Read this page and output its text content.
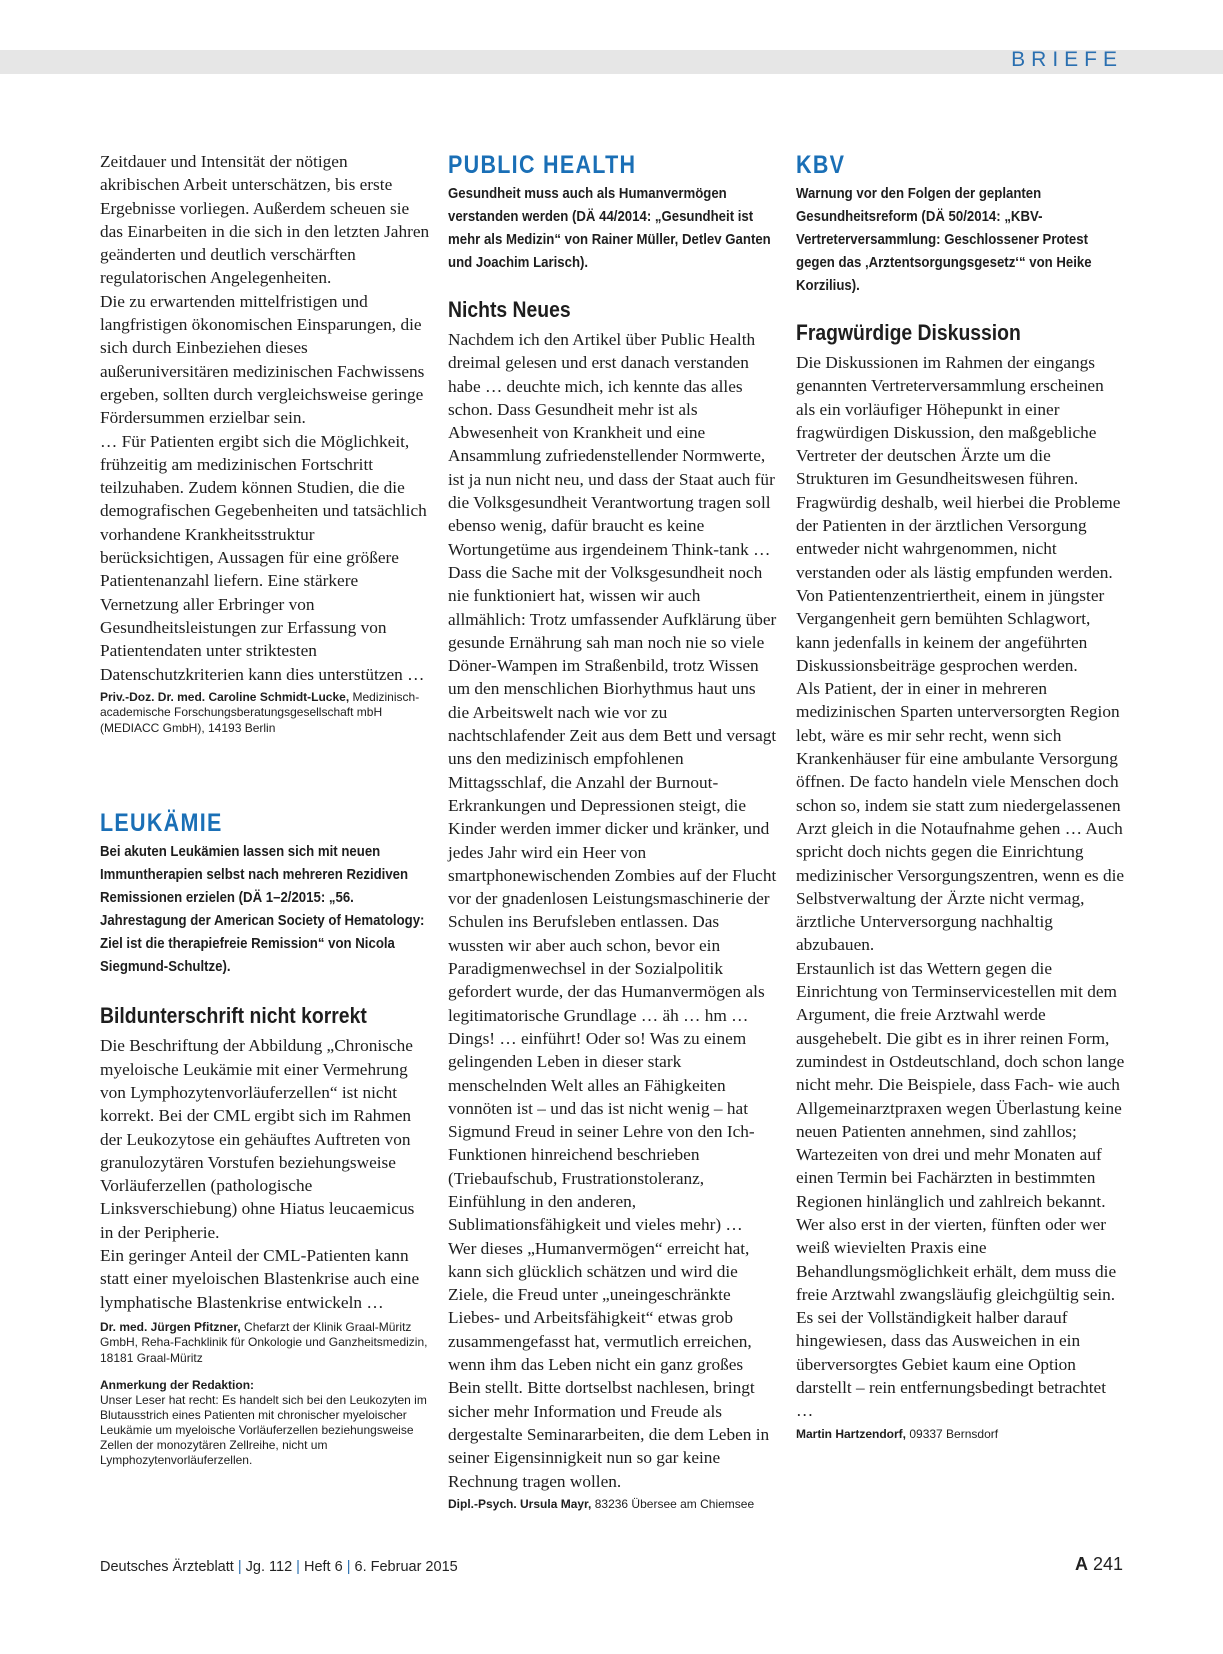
BRIEFE

Zeitdauer und Intensität der nötigen akribischen Arbeit unterschätzen, bis erste Ergebnisse vorliegen. Außerdem scheuen sie das Einarbeiten in die sich in den letzten Jahren geänderten und deutlich verschärften regulatorischen Angelegenheiten.

Die zu erwartenden mittelfristigen und langfristigen ökonomischen Einsparungen, die sich durch Einbeziehen dieses außeruniversitären medizinischen Fachwissens ergeben, sollten durch vergleichsweise geringe Fördersummen erzielbar sein.

… Für Patienten ergibt sich die Möglichkeit, frühzeitig am medizinischen Fortschritt teilzuhaben. Zudem können Studien, die die demografischen Gegebenheiten und tatsächlich vorhandene Krankheitsstruktur berücksichtigen, Aussagen für eine größere Patientenanzahl liefern. Eine stärkere Vernetzung aller Erbringer von Gesundheitsleistungen zur Erfassung von Patientendaten unter striktesten Datenschutzkriterien kann dies unterstützen …

Priv.-Doz. Dr. med. Caroline Schmidt-Lucke, Medizinisch-academische Forschungsberatungsgesellschaft mbH (MEDIACC GmbH), 14193 Berlin

LEUKÄMIE

Bei akuten Leukämien lassen sich mit neuen Immuntherapien selbst nach mehreren Rezidiven Remissionen erzielen (DÄ 1–2/2015: „56. Jahrestagung der American Society of Hematology: Ziel ist die therapiefreie Remission“ von Nicola Siegmund-Schultze).

Bildunterschrift nicht korrekt

Die Beschriftung der Abbildung „Chronische myeloische Leukämie mit einer Vermehrung von Lymphozytenvorläuferzellen“ ist nicht korrekt. Bei der CML ergibt sich im Rahmen der Leukozytose ein gehäuftes Auftreten von granulozytären Vorstufen beziehungsweise Vorläuferzellen (pathologische Linksverschiebung) ohne Hiatus leucaemicus in der Peripherie.

Ein geringer Anteil der CML-Patienten kann statt einer myeloischen Blastenkrise auch eine lymphatische Blastenkrise entwickeln …

Dr. med. Jürgen Pfitzner, Chefarzt der Klinik Graal-Müritz GmbH, Reha-Fachklinik für Onkologie und Ganzheitsmedizin, 18181 Graal-Müritz

Anmerkung der Redaktion:

Unser Leser hat recht: Es handelt sich bei den Leukozyten im Blutausstrich eines Patienten mit chronischer myeloischer Leukämie um myeloische Vorläuferzellen beziehungsweise Zellen der monozytären Zellreihe, nicht um Lymphozytenvorläuferzellen.

PUBLIC HEALTH

Gesundheit muss auch als Humanvermögen verstanden werden (DÄ 44/2014: „Gesundheit ist mehr als Medizin“ von Rainer Müller, Detlev Ganten und Joachim Larisch).

Nichts Neues

Nachdem ich den Artikel über Public Health dreimal gelesen und erst danach verstanden habe … deuchte mich, ich kennte das alles schon. Dass Gesundheit mehr ist als Abwesenheit von Krankheit und eine Ansammlung zufriedenstellender Normwerte, ist ja nun nicht neu, und dass der Staat auch für die Volksgesundheit Verantwortung tragen soll ebenso wenig, dafür braucht es keine Wortungetüme aus irgendeinem Think-tank …

Dass die Sache mit der Volksgesundheit noch nie funktioniert hat, wissen wir auch allmählich: Trotz umfassender Aufklärung über gesunde Ernährung sah man noch nie so viele Döner-Wampen im Straßenbild, trotz Wissen um den menschlichen Biorhythmus haut uns die Arbeitswelt nach wie vor zu nachtschlafender Zeit aus dem Bett und versagt uns den medizinisch empfohlenen Mittagsschlaf, die Anzahl der Burnout-Erkrankungen und Depressionen steigt, die Kinder werden immer dicker und kränker, und jedes Jahr wird ein Heer von smartphonewischenden Zombies auf der Flucht vor der gnadenlosen Leistungsmaschinerie der Schulen ins Berufsleben entlassen. Das wussten wir aber auch schon, bevor ein Paradigmenwechsel in der Sozialpolitik gefordert wurde, der das Humanvermögen als legitimatorische Grundlage … äh … hm … Dings! … einführt! Oder so! Was zu einem gelingenden Leben in dieser stark menschelnden Welt alles an Fähigkeiten vonnöten ist – und das ist nicht wenig – hat Sigmund Freud in seiner Lehre von den Ich-Funktionen hinreichend beschrieben (Triebaufschub, Frustrationstoleranz, Einfühlung in den anderen, Sublimationsfähigkeit und vieles mehr) …

Wer dieses „Humanvermögen“ erreicht hat, kann sich glücklich schätzen und wird die Ziele, die Freud unter „uneingeschränkte Liebes- und Arbeitsfähigkeit“ etwas grob zusammengefasst hat, vermutlich erreichen, wenn ihm das Leben nicht ein ganz großes Bein stellt. Bitte dortselbst nachlesen, bringt sicher mehr Information und Freude als dergestalte Seminararbeiten, die dem Leben in seiner Eigensinnigkeit nun so gar keine Rechnung tragen wollen.

Dipl.-Psych. Ursula Mayr, 83236 Übersee am Chiemsee

KBV

Warnung vor den Folgen der geplanten Gesundheitsreform (DÄ 50/2014: „KBV-Vertreterversammlung: Geschlossener Protest gegen das ‚Arztentsorgungsgesetz‘“ von Heike Korzilius).

Fragwürdige Diskussion

Die Diskussionen im Rahmen der eingangs genannten Vertreterversammlung erscheinen als ein vorläufiger Höhepunkt in einer fragwürdigen Diskussion, den maßgebliche Vertreter der deutschen Ärzte um die Strukturen im Gesundheitswesen führen. Fragwürdig deshalb, weil hierbei die Probleme der Patienten in der ärztlichen Versorgung entweder nicht wahrgenommen, nicht verstanden oder als lästig empfunden werden. Von Patientenzentriertheit, einem in jüngster Vergangenheit gern bemühten Schlagwort, kann jedenfalls in keinem der angeführten Diskussionsbeiträge gesprochen werden.

Als Patient, der in einer in mehreren medizinischen Sparten unterversorgten Region lebt, wäre es mir sehr recht, wenn sich Krankenhäuser für eine ambulante Versorgung öffnen. De facto handeln viele Menschen doch schon so, indem sie statt zum niedergelassenen Arzt gleich in die Notaufnahme gehen … Auch spricht doch nichts gegen die Einrichtung medizinischer Versorgungszentren, wenn es die Selbstverwaltung der Ärzte nicht vermag, ärztliche Unterversorgung nachhaltig abzubauen.

Erstaunlich ist das Wettern gegen die Einrichtung von Terminservicestellen mit dem Argument, die freie Arztwahl werde ausgehebelt. Die gibt es in ihrer reinen Form, zumindest in Ostdeutschland, doch schon lange nicht mehr. Die Beispiele, dass Fach- wie auch Allgemeinarztpraxen wegen Überlastung keine neuen Patienten annehmen, sind zahllos; Wartezeiten von drei und mehr Monaten auf einen Termin bei Fachärzten in bestimmten Regionen hinlänglich und zahlreich bekannt. Wer also erst in der vierten, fünften oder wer weiß wievielten Praxis eine Behandlungsmöglichkeit erhält, dem muss die freie Arztwahl zwangsläufig gleichgültig sein. Es sei der Vollständigkeit halber darauf hingewiesen, dass das Ausweichen in ein überversorgtes Gebiet kaum eine Option darstellt – rein entfernungsbedingt betrachtet …

Martin Hartzendorf, 09337 Bernsdorf

Deutsches Ärzteblatt | Jg. 112 | Heft 6 | 6. Februar 2015	A 241
